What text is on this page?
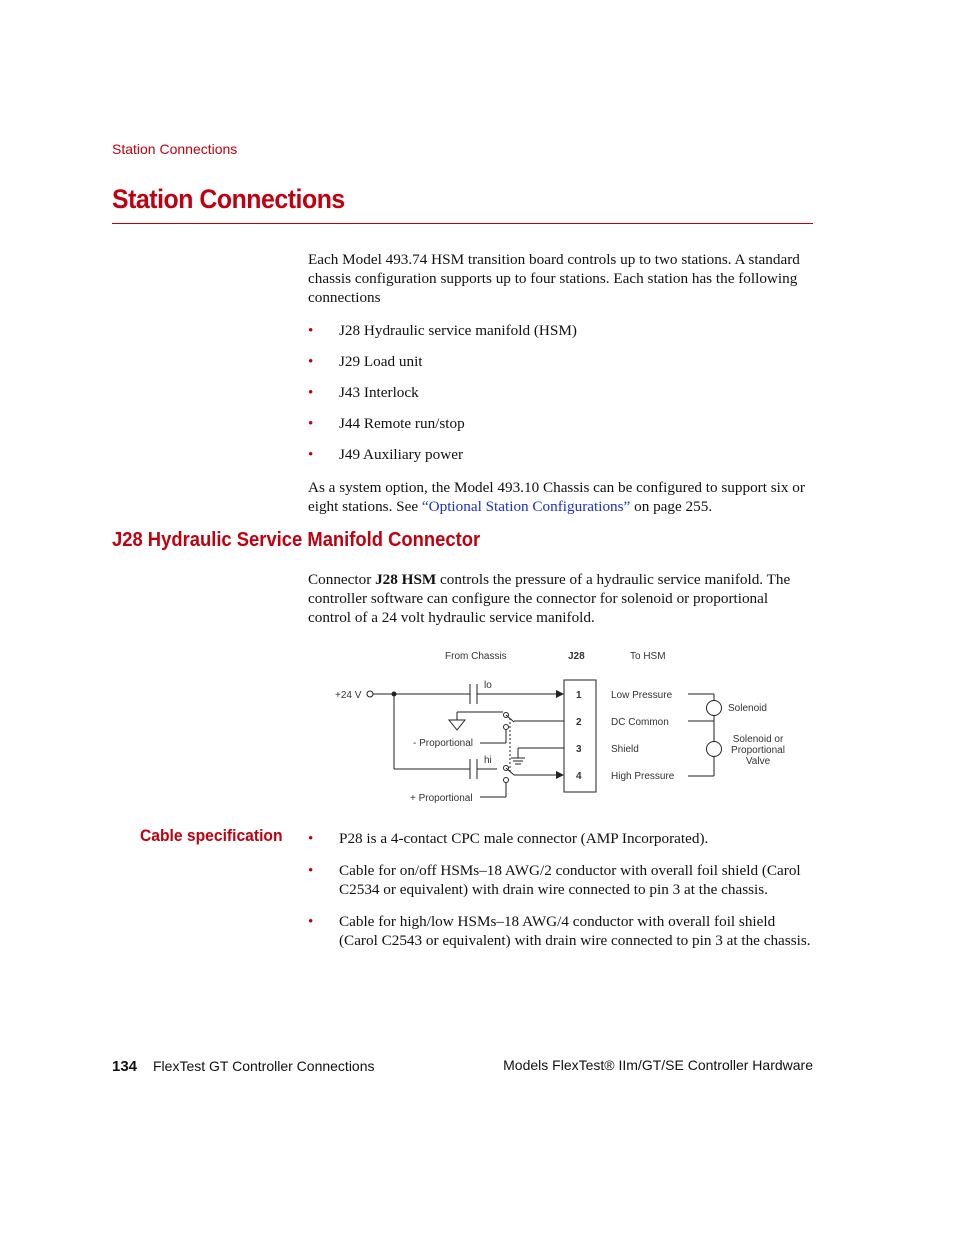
Station Connections
Station Connections

Each Model 493.74 HSM transition board controls up to two stations. A standard chassis configuration supports up to four stations. Each station has the following connections

• J28 Hydraulic service manifold (HSM)
• J29 Load unit
• J43 Interlock
• J44 Remote run/stop
• J49 Auxiliary power

As a system option, the Model 493.10 Chassis can be configured to support six or eight stations. See “Optional Station Configurations” on page 255.

J28 Hydraulic Service Manifold Connector

Connector J28 HSM controls the pressure of a hydraulic service manifold. The controller software can configure the connector for solenoid or proportional control of a 24 volt hydraulic service manifold.

From Chassis	J28	To HSM
1
2
3
4
+24 V
lo
hi
- Proportional
+ Proportional
Low Pressure
DC Common
Shield
High Pressure
Solenoid
Solenoid or
Proportional
Valve
Cable specification • P28 is a 4-contact CPC male connector (AMP Incorporated).
• Cable for on/off HSMs–18 AWG/2 conductor with overall foil shield (Carol C2534 or equivalent) with drain wire connected to pin 3 at the chassis.
• Cable for high/low HSMs–18 AWG/4 conductor with overall foil shield (Carol C2543 or equivalent) with drain wire connected to pin 3 at the chassis.
134 FlexTest GT Controller Connections	Models FlexTest® IIm/GT/SE Controller Hardware
